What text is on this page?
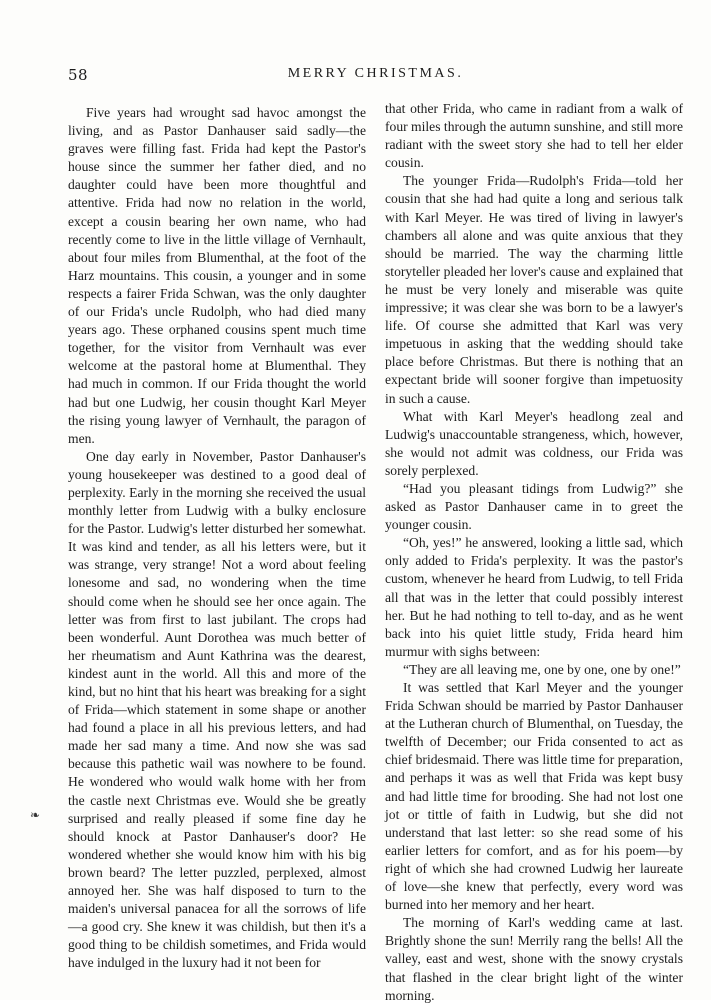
58	MERRY CHRISTMAS.

Five years had wrought sad havoc amongst the living, and as Pastor Danhauser said sadly—the graves were filling fast. Frida had kept the Pastor's house since the summer her father died, and no daughter could have been more thoughtful and attentive. Frida had now no relation in the world, except a cousin bearing her own name, who had recently come to live in the little village of Vernhault, about four miles from Blumenthal, at the foot of the Harz mountains. This cousin, a younger and in some respects a fairer Frida Schwan, was the only daughter of our Frida's uncle Rudolph, who had died many years ago. These orphaned cousins spent much time together, for the visitor from Vernhault was ever welcome at the pastoral home at Blumenthal. They had much in common. If our Frida thought the world had but one Ludwig, her cousin thought Karl Meyer the rising young lawyer of Vernhault, the paragon of men.

One day early in November, Pastor Danhauser's young housekeeper was destined to a good deal of perplexity. Early in the morning she received the usual monthly letter from Ludwig with a bulky enclosure for the Pastor. Ludwig's letter disturbed her somewhat. It was kind and tender, as all his letters were, but it was strange, very strange! Not a word about feeling lonesome and sad, no wondering when the time should come when he should see her once again. The letter was from first to last jubilant. The crops had been wonderful. Aunt Dorothea was much better of her rheumatism and Aunt Kathrina was the dearest, kindest aunt in the world. All this and more of the kind, but no hint that his heart was breaking for a sight of Frida—which statement in some shape or another had found a place in all his previous letters, and had made her sad many a time. And now she was sad because this pathetic wail was nowhere to be found. He wondered who would walk home with her from the castle next Christmas eve. Would she be greatly surprised and really pleased if some fine day he should knock at Pastor Danhauser's door? He wondered whether she would know him with his big brown beard? The letter puzzled, perplexed, almost annoyed her. She was half disposed to turn to the maiden's universal panacea for all the sorrows of life—a good cry. She knew it was childish, but then it's a good thing to be childish sometimes, and Frida would have indulged in the luxury had it not been for

that other Frida, who came in radiant from a walk of four miles through the autumn sunshine, and still more radiant with the sweet story she had to tell her elder cousin.

The younger Frida—Rudolph's Frida—told her cousin that she had had quite a long and serious talk with Karl Meyer. He was tired of living in lawyer's chambers all alone and was quite anxious that they should be married. The way the charming little storyteller pleaded her lover's cause and explained that he must be very lonely and miserable was quite impressive; it was clear she was born to be a lawyer's life. Of course she admitted that Karl was very impetuous in asking that the wedding should take place before Christmas. But there is nothing that an expectant bride will sooner forgive than impetuosity in such a cause.

What with Karl Meyer's headlong zeal and Ludwig's unaccountable strangeness, which, however, she would not admit was coldness, our Frida was sorely perplexed.

“Had you pleasant tidings from Ludwig?” she asked as Pastor Danhauser came in to greet the younger cousin.

“Oh, yes!” he answered, looking a little sad, which only added to Frida's perplexity. It was the pastor's custom, whenever he heard from Ludwig, to tell Frida all that was in the letter that could possibly interest her. But he had nothing to tell to-day, and as he went back into his quiet little study, Frida heard him murmur with sighs between:

“They are all leaving me, one by one, one by one!”

It was settled that Karl Meyer and the younger Frida Schwan should be married by Pastor Danhauser at the Lutheran church of Blumenthal, on Tuesday, the twelfth of December; our Frida consented to act as chief bridesmaid. There was little time for preparation, and perhaps it was as well that Frida was kept busy and had little time for brooding. She had not lost one jot or tittle of faith in Ludwig, but she did not understand that last letter: so she read some of his earlier letters for comfort, and as for his poem—by right of which she had crowned Ludwig her laureate of love—she knew that perfectly, every word was burned into her memory and her heart.

The morning of Karl's wedding came at last. Brightly shone the sun! Merrily rang the bells! All the valley, east and west, shone with the snowy crystals that flashed in the clear bright light of the winter morning.

❧
